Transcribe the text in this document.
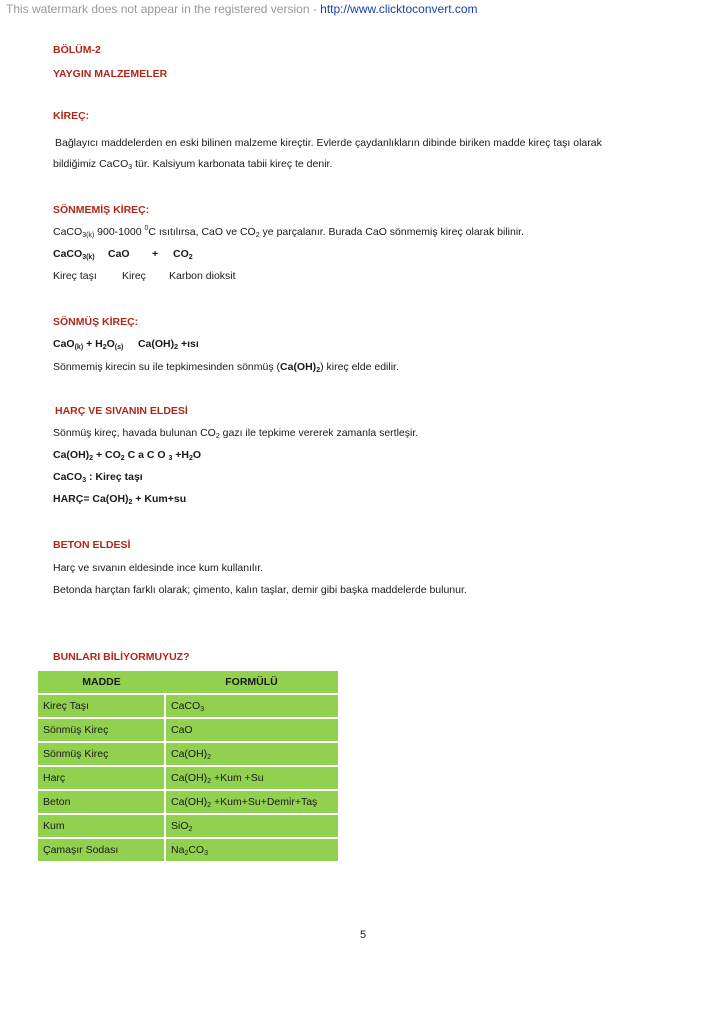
This watermark does not appear in the registered version - http://www.clicktoconvert.com
BÖLÜM-2
YAYGIN MALZEMELER
KİREÇ:
Bağlayıcı maddelerden en eski bilinen malzeme kireçtir. Evlerde çaydanlıkların dibinde biriken madde kireç taşı olarak
bildiğimiz CaCO$_3$ tür. Kalsiyum karbonata tabii kireç te denir.
SÖNMEMİŞ KİREÇ:
CaCO$_{3(k)}$ 900-1000 $^0$C ısıtılırsa, CaO ve $CO_2$ ye parçalanır. Burada CaO sönmemiş kireç olarak bilinir.
CaCO$_{3(k)}$ CaO + $CO_2$
Kireç taşı Kireç Karbon dioksit
SÖNMÜŞ KİREÇ:
$CaO_{(k)} + H_2O_{(s)}$ $Ca(OH)_2$ +ısı
Sönmemiş kirecin su ile tepkimesinden sönmüş $(Ca(OH)_2)$ kireç elde edilir.
HARÇ VE SIVANIN ELDESİ
Sönmüş kireç, havada bulunan $CO_2$ gazı ile tepkime vererek zamanla sertleşir.
$Ca(OH)_2 + CO_2$ C a C O $_3 +H_2O$
CaCO$_3$ : Kireç taşı
HARÇ= $Ca(OH)_2 + Kum+su$
BETON ELDESİ
Harç ve sıvanın eldesinde ince kum kullanılır.
Betonda harçtan farklı olarak; çimento, kalın taşlar, demir gibi başka maddelerde bulunur.
BUNLARI BİLİYORMUYUZ?
MADDE	FORMÜLÜ
Kireç Taşı	CaCO$_3$
Sönmüş Kireç	CaO
Sönmüş Kireç	$Ca(OH)_2$
Harç	$Ca(OH)_2 +Kum +Su$
Beton	$Ca(OH)_2$ +Kum+Su+Demir+Taş
Kum	SiO$_2$
Çamaşır Sodası	$Na_2CO_3$
5
